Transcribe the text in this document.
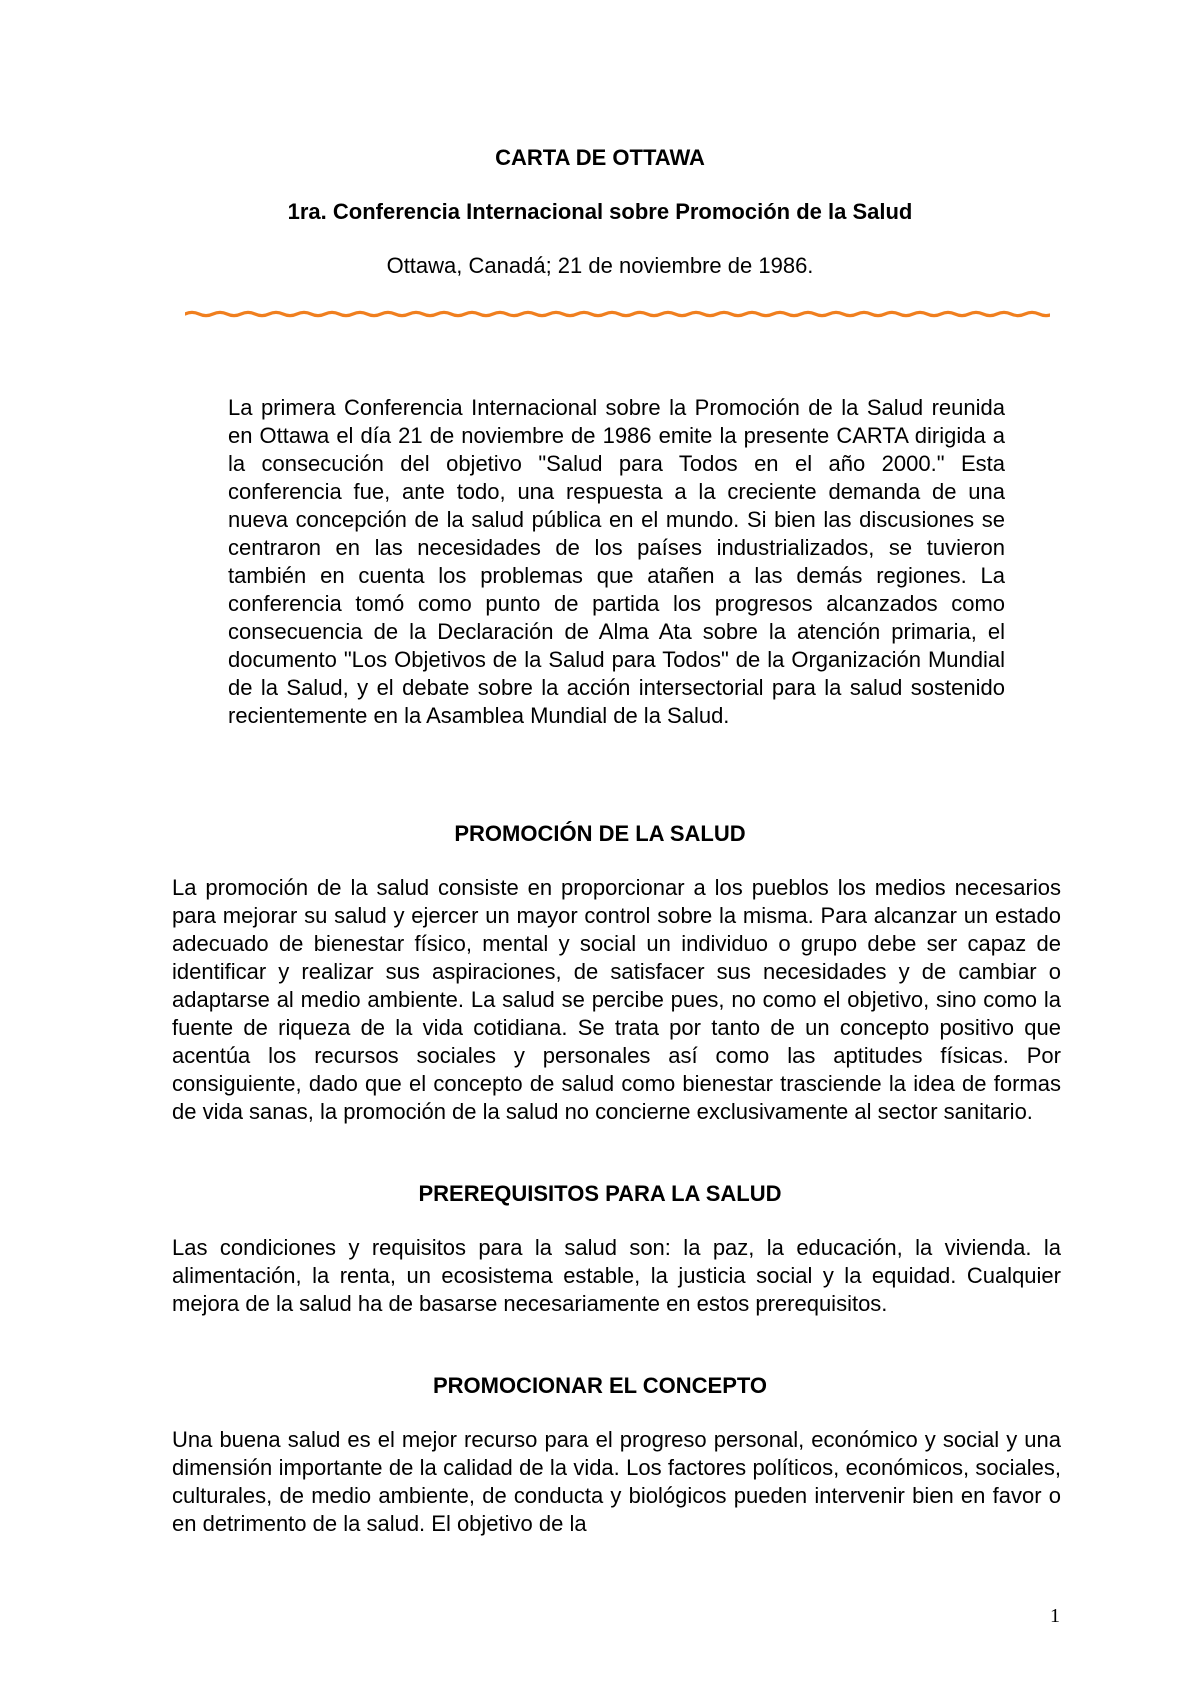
CARTA DE OTTAWA

1ra. Conferencia Internacional sobre Promoción de la Salud

Ottawa, Canadá; 21 de noviembre de 1986.

La primera Conferencia Internacional sobre la Promoción de la Salud reunida en Ottawa el día 21 de noviembre de 1986 emite la presente CARTA dirigida a la consecución del objetivo "Salud para Todos en el año 2000." Esta conferencia fue, ante todo, una respuesta a la creciente demanda de una nueva concepción de la salud pública en el mundo. Si bien las discusiones se centraron en las necesidades de los países industrializados, se tuvieron también en cuenta los problemas que atañen a las demás regiones. La conferencia tomó como punto de partida los progresos alcanzados como consecuencia de la Declaración de Alma Ata sobre la atención primaria, el documento "Los Objetivos de la Salud para Todos" de la Organización Mundial de la Salud, y el debate sobre la acción intersectorial para la salud sostenido recientemente en la Asamblea Mundial de la Salud.

PROMOCIÓN DE LA SALUD

La promoción de la salud consiste en proporcionar a los pueblos los medios necesarios para mejorar su salud y ejercer un mayor control sobre la misma. Para alcanzar un estado adecuado de bienestar físico, mental y social un individuo o grupo debe ser capaz de identificar y realizar sus aspiraciones, de satisfacer sus necesidades y de cambiar o adaptarse al medio ambiente. La salud se percibe pues, no como el objetivo, sino como la fuente de riqueza de la vida cotidiana. Se trata por tanto de un concepto positivo que acentúa los recursos sociales y personales así como las aptitudes físicas. Por consiguiente, dado que el concepto de salud como bienestar trasciende la idea de formas de vida sanas, la promoción de la salud no concierne exclusivamente al sector sanitario.

PREREQUISITOS PARA LA SALUD

Las condiciones y requisitos para la salud son: la paz, la educación, la vivienda. la alimentación, la renta, un ecosistema estable, la justicia social y la equidad. Cualquier mejora de la salud ha de basarse necesariamente en estos prerequisitos.

PROMOCIONAR EL CONCEPTO

Una buena salud es el mejor recurso para el progreso personal, económico y social y una dimensión importante de la calidad de la vida. Los factores políticos, económicos, sociales, culturales, de medio ambiente, de conducta y biológicos pueden intervenir bien en favor o en detrimento de la salud. El objetivo de la

1
